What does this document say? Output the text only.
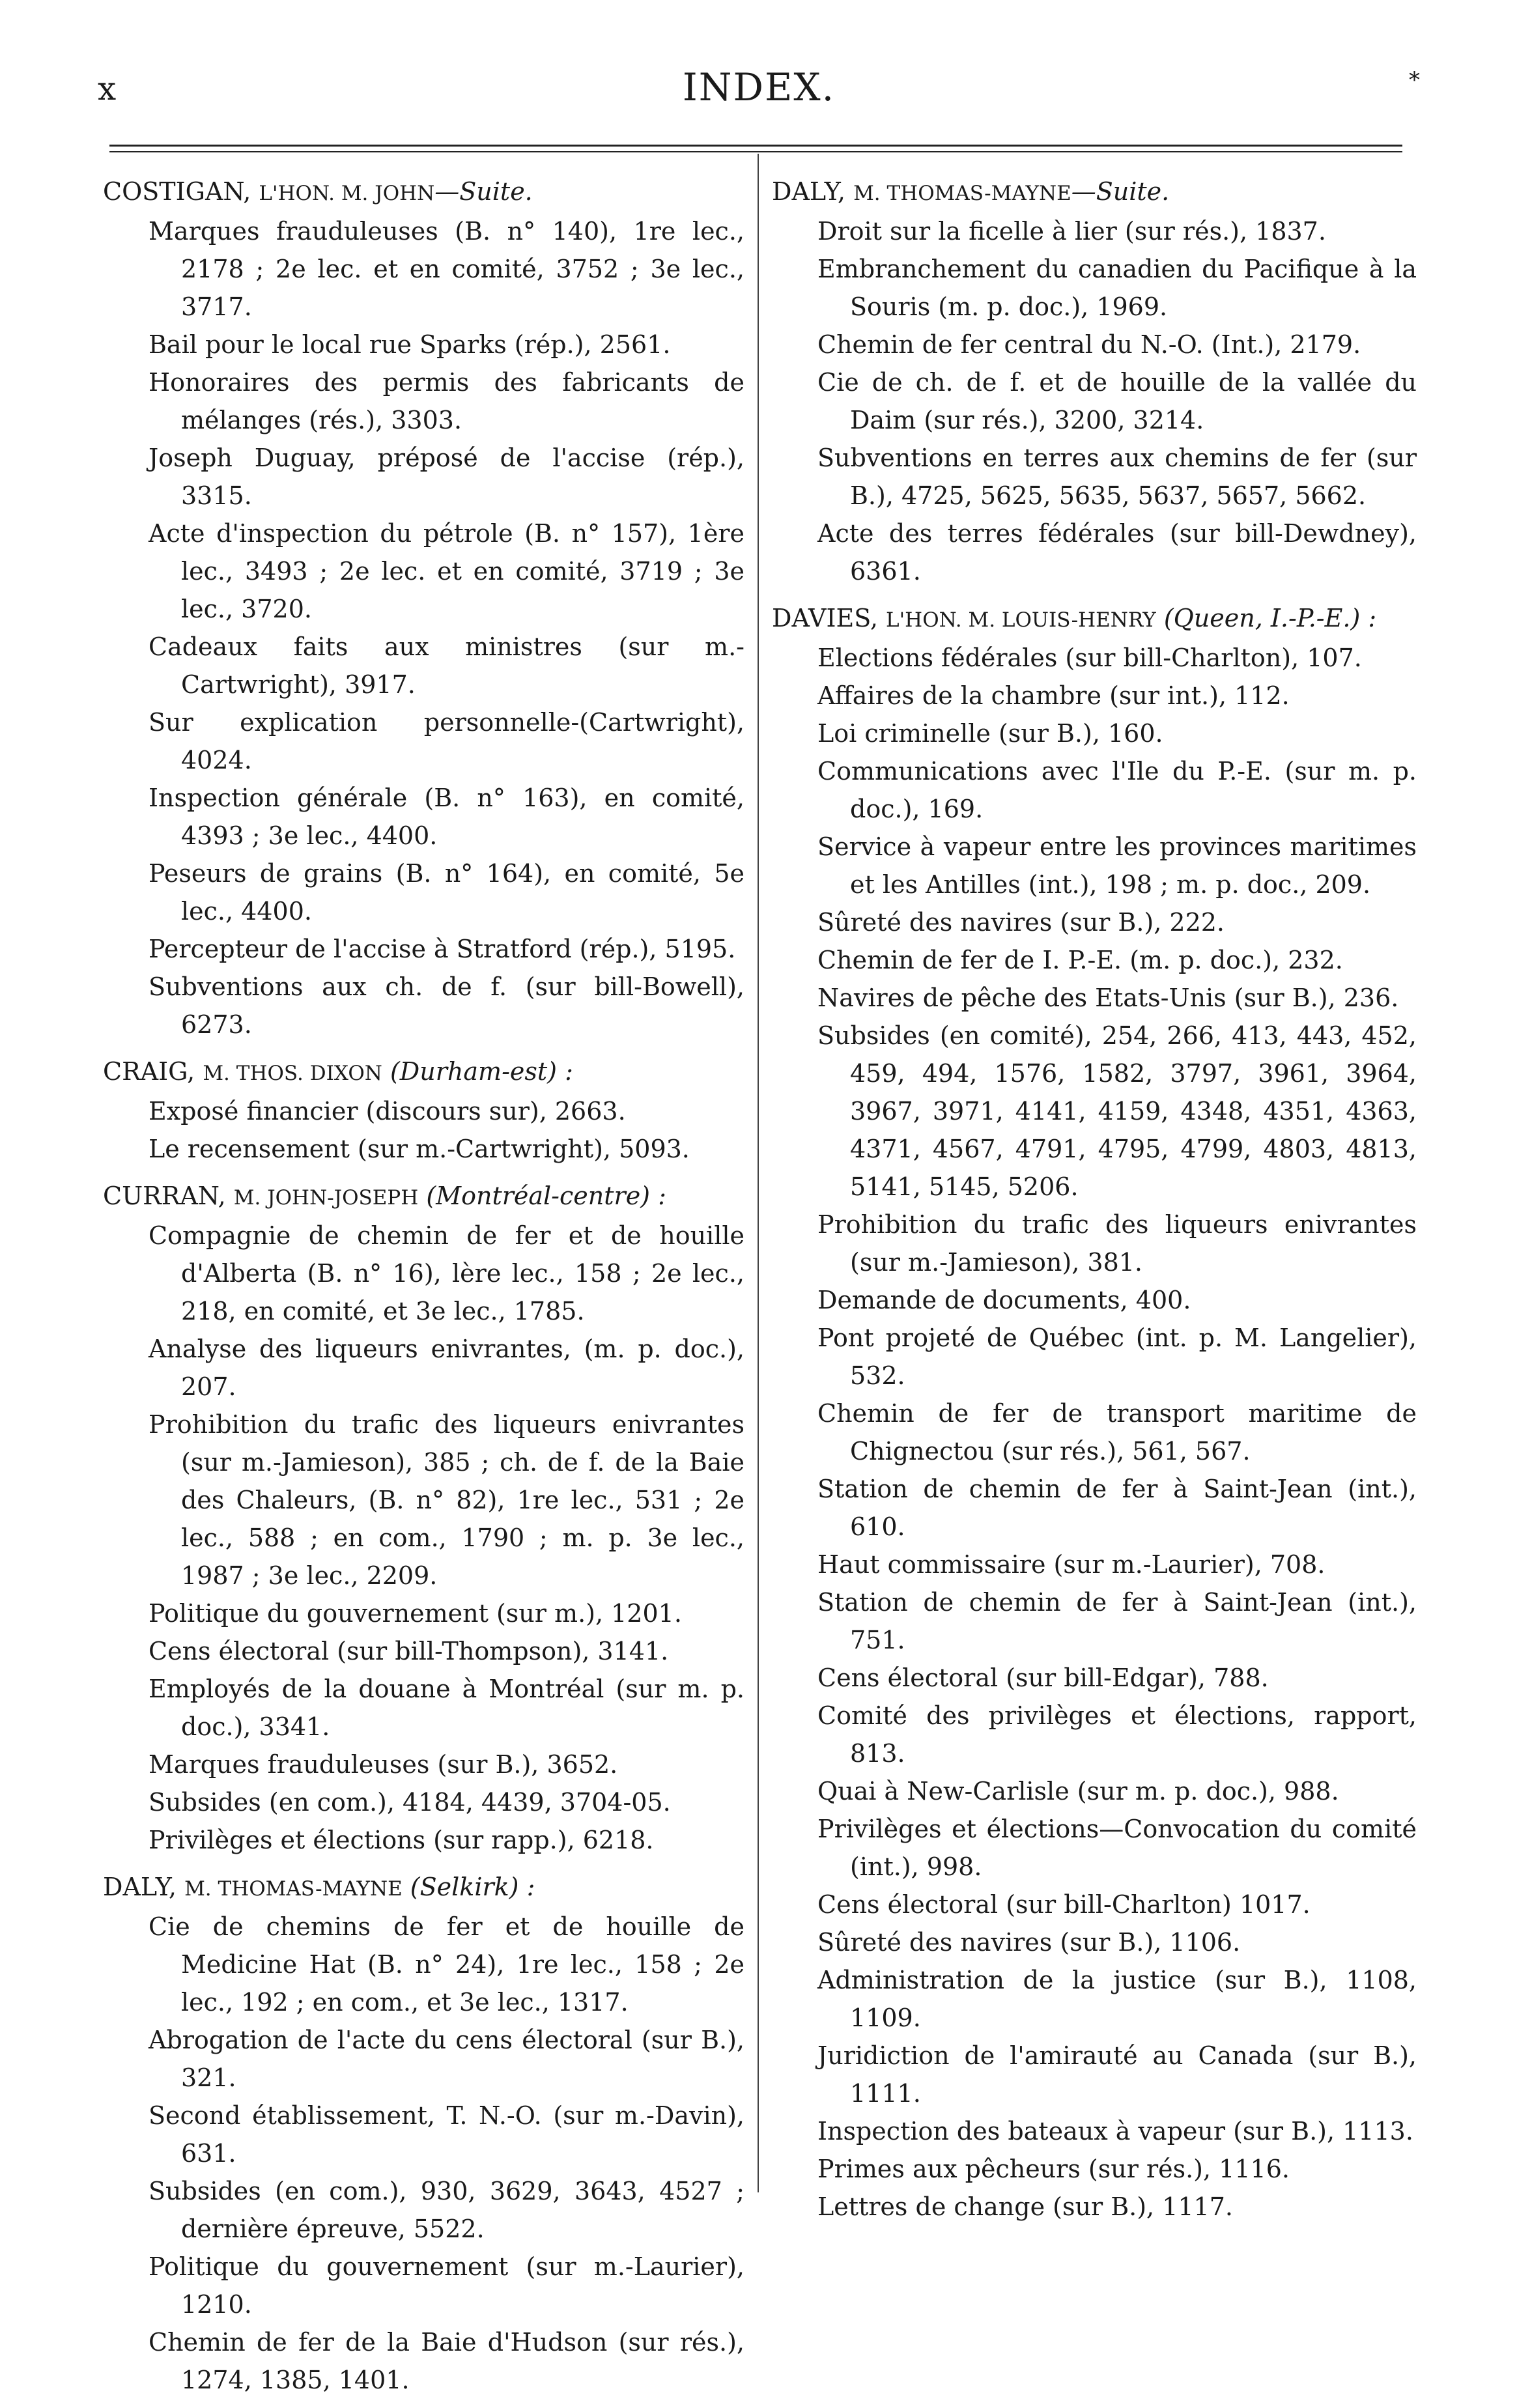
x	INDEX.	*
COSTIGAN, L'HON. M. JOHN—Suite.
Marques frauduleuses (B. n° 140), 1re lec., 2178 ; 2e lec. et en comité, 3752 ; 3e lec., 3717.
Bail pour le local rue Sparks (rép.), 2561.
Honoraires des permis des fabricants de mélanges (rés.), 3303.
Joseph Duguay, préposé de l'accise (rép.), 3315.
Acte d'inspection du pétrole (B. n° 157), 1ère lec., 3493 ; 2e lec. et en comité, 3719 ; 3e lec., 3720.
Cadeaux faits aux ministres (sur m.-Cartwright), 3917.
Sur explication personnelle-(Cartwright), 4024.
Inspection générale (B. n° 163), en comité, 4393 ; 3e lec., 4400.
Peseurs de grains (B. n° 164), en comité, 5e lec., 4400.
Percepteur de l'accise à Stratford (rép.), 5195.
Subventions aux ch. de f. (sur bill-Bowell), 6273.
CRAIG, M. THOS. DIXON (Durham-est) :
Exposé financier (discours sur), 2663.
Le recensement (sur m.-Cartwright), 5093.
CURRAN, M. JOHN-JOSEPH (Montréal-centre) :
Compagnie de chemin de fer et de houille d'Alberta (B. n° 16), lère lec., 158 ; 2e lec., 218, en comité, et 3e lec., 1785.
Analyse des liqueurs enivrantes, (m. p. doc.), 207.
Prohibition du trafic des liqueurs enivrantes (sur m.-Jamieson), 385 ; ch. de f. de la Baie des Chaleurs, (B. n° 82), 1re lec., 531 ; 2e lec., 588 ; en com., 1790 ; m. p. 3e lec., 1987 ; 3e lec., 2209.
Politique du gouvernement (sur m.), 1201.
Cens électoral (sur bill-Thompson), 3141.
Employés de la douane à Montréal (sur m. p. doc.), 3341.
Marques frauduleuses (sur B.), 3652.
Subsides (en com.), 4184, 4439, 3704-05.
Privilèges et élections (sur rapp.), 6218.
DALY, M. THOMAS-MAYNE (Selkirk) :
Cie de chemins de fer et de houille de Medicine Hat (B. n° 24), 1re lec., 158 ; 2e lec., 192 ; en com., et 3e lec., 1317.
Abrogation de l'acte du cens électoral (sur B.), 321.
Second établissement, T. N.-O. (sur m.-Davin), 631.
Subsides (en com.), 930, 3629, 3643, 4527 ; dernière épreuve, 5522.
Politique du gouvernement (sur m.-Laurier), 1210.
Chemin de fer de la Baie d'Hudson (sur rés.), 1274, 1385, 1401.
DALY, M. THOMAS-MAYNE—Suite.
Droit sur la ficelle à lier (sur rés.), 1837.
Embranchement du canadien du Pacifique à la Souris (m. p. doc.), 1969.
Chemin de fer central du N.-O. (Int.), 2179.
Cie de ch. de f. et de houille de la vallée du Daim (sur rés.), 3200, 3214.
Subventions en terres aux chemins de fer (sur B.), 4725, 5625, 5635, 5637, 5657, 5662.
Acte des terres fédérales (sur bill-Dewdney), 6361.
DAVIES, L'HON. M. LOUIS-HENRY (Queen, I.-P.-E.) :
Elections fédérales (sur bill-Charlton), 107.
Affaires de la chambre (sur int.), 112.
Loi criminelle (sur B.), 160.
Communications avec l'Ile du P.-E. (sur m. p. doc.), 169.
Service à vapeur entre les provinces maritimes et les Antilles (int.), 198 ; m. p. doc., 209.
Sûreté des navires (sur B.), 222.
Chemin de fer de I. P.-E. (m. p. doc.), 232.
Navires de pêche des Etats-Unis (sur B.), 236.
Subsides (en comité), 254, 266, 413, 443, 452, 459, 494, 1576, 1582, 3797, 3961, 3964, 3967, 3971, 4141, 4159, 4348, 4351, 4363, 4371, 4567, 4791, 4795, 4799, 4803, 4813, 5141, 5145, 5206.
Prohibition du trafic des liqueurs enivrantes (sur m.-Jamieson), 381.
Demande de documents, 400.
Pont projeté de Québec (int. p. M. Langelier), 532.
Chemin de fer de transport maritime de Chignectou (sur rés.), 561, 567.
Station de chemin de fer à Saint-Jean (int.), 610.
Haut commissaire (sur m.-Laurier), 708.
Station de chemin de fer à Saint-Jean (int.), 751.
Cens électoral (sur bill-Edgar), 788.
Comité des privilèges et élections, rapport, 813.
Quai à New-Carlisle (sur m. p. doc.), 988.
Privilèges et élections—Convocation du comité (int.), 998.
Cens électoral (sur bill-Charlton) 1017.
Sûreté des navires (sur B.), 1106.
Administration de la justice (sur B.), 1108, 1109.
Juridiction de l'amirauté au Canada (sur B.), 1111.
Inspection des bateaux à vapeur (sur B.), 1113.
Primes aux pêcheurs (sur rés.), 1116.
Lettres de change (sur B.), 1117.
